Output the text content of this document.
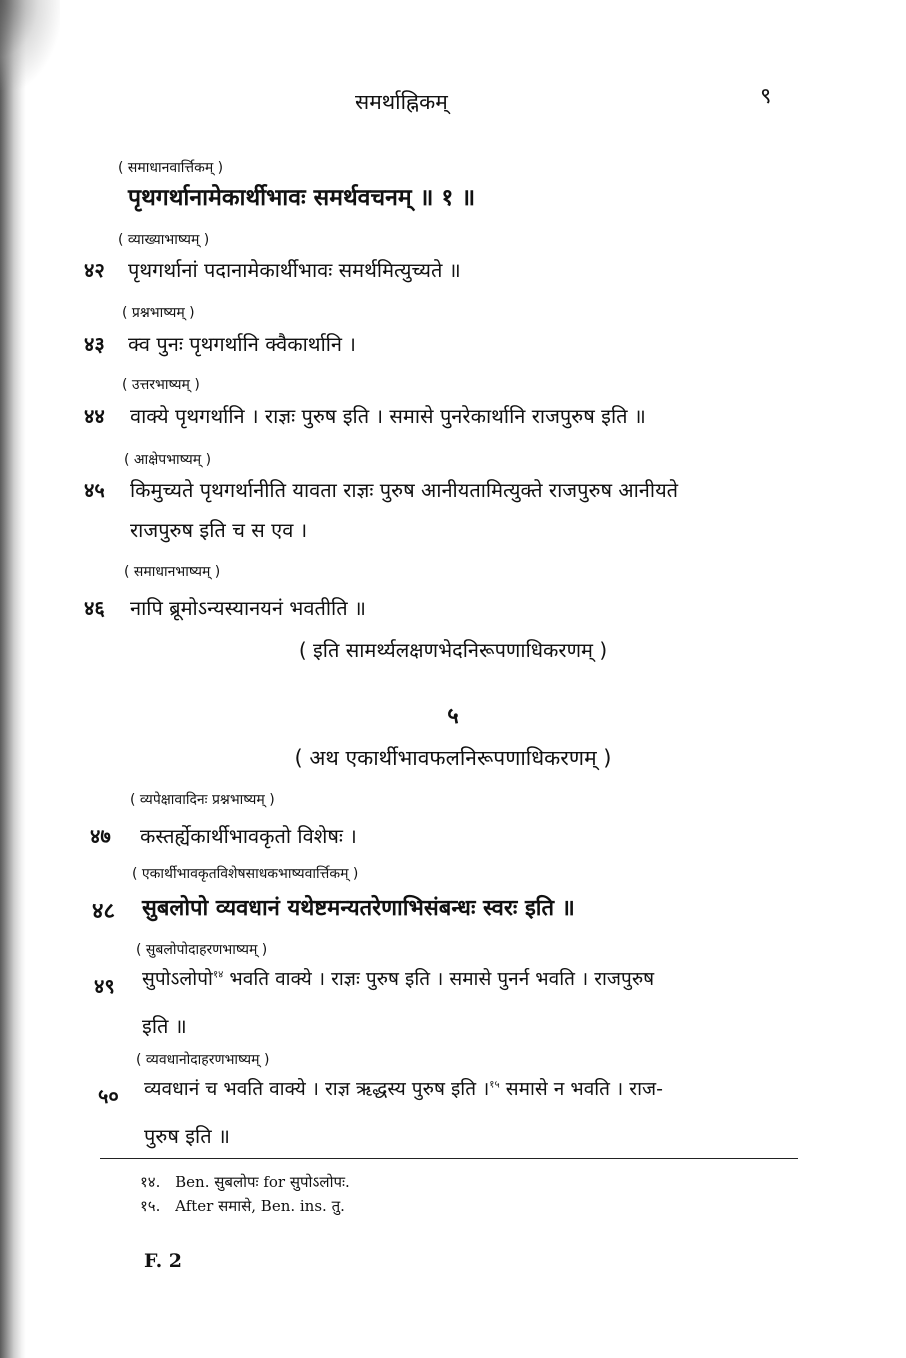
समर्थाह्निकम्	९
( समाधानवार्त्तिकम् )
पृथगर्थानामेकार्थीभावः समर्थवचनम् ॥ १ ॥
( व्याख्याभाष्यम् )
४२ पृथगर्थानां पदानामेकार्थीभावः समर्थमित्युच्यते ॥
( प्रश्नभाष्यम् )
४३ क्व पुनः पृथगर्थानि क्वैकार्थानि ।
( उत्तरभाष्यम् )
४४ वाक्ये पृथगर्थानि । राज्ञः पुरुष इति । समासे पुनरेकार्थानि राजपुरुष इति ॥
( आक्षेपभाष्यम् )
४५ किमुच्यते पृथगर्थानीति यावता राज्ञः पुरुष आनीयतामित्युक्ते राजपुरुष आनीयते
राजपुरुष इति च स एव ।
( समाधानभाष्यम् )
४६ नापि ब्रूमोऽन्यस्यानयनं भवतीति ॥
( इति सामर्थ्यलक्षणभेदनिरूपणाधिकरणम् )
५
( अथ एकार्थीभावफलनिरूपणाधिकरणम् )
( व्यपेक्षावादिनः प्रश्नभाष्यम् )
४७ कस्तर्ह्येकार्थीभावकृतो विशेषः ।
( एकार्थीभावकृतविशेषसाधकभाष्यवार्त्तिकम् )
४८ सुबलोपो व्यवधानं यथेष्टमन्यतरेणाभिसंबन्धः स्वरः इति ॥
( सुबलोपोदाहरणभाष्यम् )
४९ सुपोऽलोपो$^{१४}$ भवति वाक्ये । राज्ञः पुरुष इति । समासे पुनर्न भवति । राजपुरुष
इति ॥
( व्यवधानोदाहरणभाष्यम् )
५० व्यवधानं च भवति वाक्ये । राज्ञ ऋद्धस्य पुरुष इति ।$^{१५}$ समासे न भवति । राज-
पुरुष इति ॥
१४. Ben. सुबलोपः for सुपोऽलोपः.
१५. After समासे, Ben. ins. तु.
F. 2
